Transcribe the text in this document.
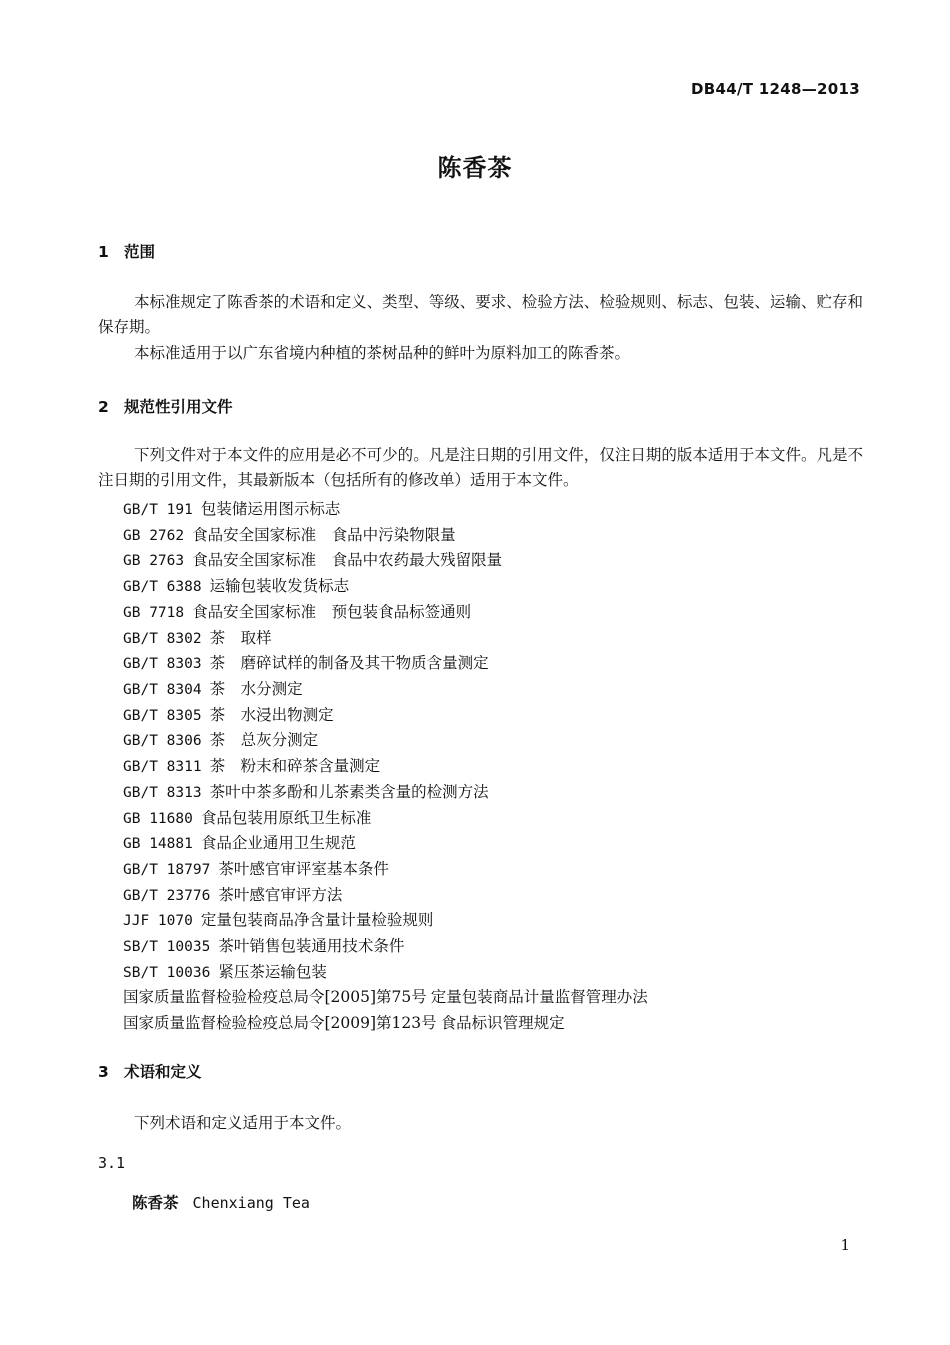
DB44/T 1248—2013
陈香茶
1 范围
本标准规定了陈香茶的术语和定义、类型、等级、要求、检验方法、检验规则、标志、包装、运输、贮存和保存期。
本标准适用于以广东省境内种植的茶树品种的鲜叶为原料加工的陈香茶。
2 规范性引用文件
下列文件对于本文件的应用是必不可少的。凡是注日期的引用文件，仅注日期的版本适用于本文件。凡是不注日期的引用文件，其最新版本（包括所有的修改单）适用于本文件。
GB/T 191 包装储运用图示标志
GB 2762 食品安全国家标准　食品中污染物限量
GB 2763 食品安全国家标准　食品中农药最大残留限量
GB/T 6388 运输包装收发货标志
GB 7718 食品安全国家标准　预包装食品标签通则
GB/T 8302 茶　取样
GB/T 8303 茶　磨碎试样的制备及其干物质含量测定
GB/T 8304 茶　水分测定
GB/T 8305 茶　水浸出物测定
GB/T 8306 茶　总灰分测定
GB/T 8311 茶　粉末和碎茶含量测定
GB/T 8313 茶叶中茶多酚和儿茶素类含量的检测方法
GB 11680 食品包装用原纸卫生标准
GB 14881 食品企业通用卫生规范
GB/T 18797 茶叶感官审评室基本条件
GB/T 23776 茶叶感官审评方法
JJF 1070 定量包装商品净含量计量检验规则
SB/T 10035 茶叶销售包装通用技术条件
SB/T 10036 紧压茶运输包装
国家质量监督检验检疫总局令[2005]第75号 定量包装商品计量监督管理办法
国家质量监督检验检疫总局令[2009]第123号 食品标识管理规定
3 术语和定义
下列术语和定义适用于本文件。
3.1
陈香茶 Chenxiang Tea
1
